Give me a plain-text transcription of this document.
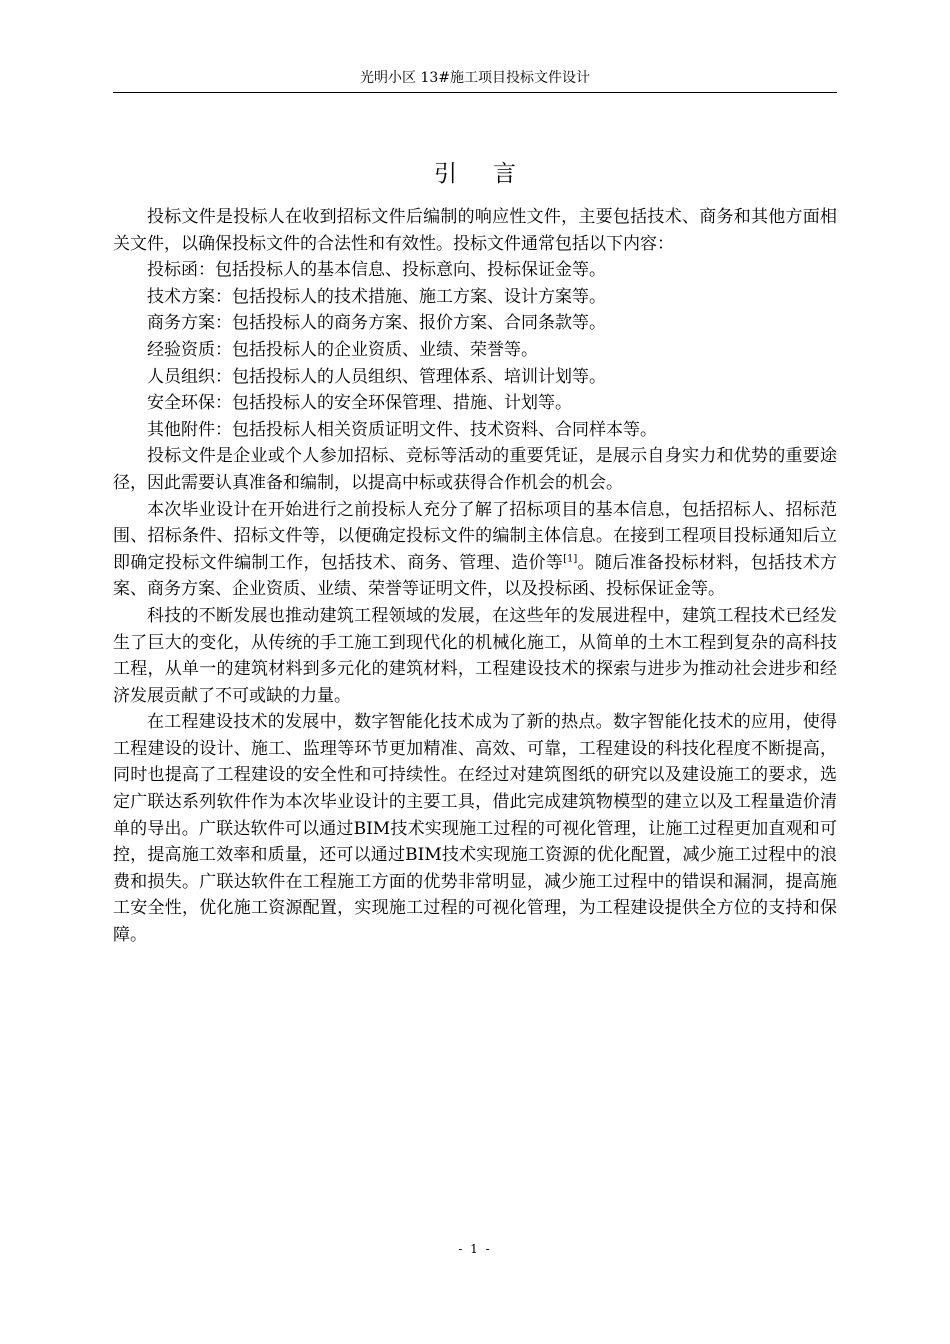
光明小区 13#施工项目投标文件设计
引言

投标文件是投标人在收到招标文件后编制的响应性文件，主要包括技术、商务和其他方面相关文件，以确保投标文件的合法性和有效性。投标文件通常包括以下内容：

投标函：包括投标人的基本信息、投标意向、投标保证金等。

技术方案：包括投标人的技术措施、施工方案、设计方案等。

商务方案：包括投标人的商务方案、报价方案、合同条款等。

经验资质：包括投标人的企业资质、业绩、荣誉等。

人员组织：包括投标人的人员组织、管理体系、培训计划等。

安全环保：包括投标人的安全环保管理、措施、计划等。

其他附件：包括投标人相关资质证明文件、技术资料、合同样本等。

投标文件是企业或个人参加招标、竞标等活动的重要凭证，是展示自身实力和优势的重要途径，因此需要认真准备和编制，以提高中标或获得合作机会的机会。

本次毕业设计在开始进行之前投标人充分了解了招标项目的基本信息，包括招标人、招标范围、招标条件、招标文件等，以便确定投标文件的编制主体信息。在接到工程项目投标通知后立即确定投标文件编制工作，包括技术、商务、管理、造价等[1]。随后准备投标材料，包括技术方案、商务方案、企业资质、业绩、荣誉等证明文件，以及投标函、投标保证金等。

科技的不断发展也推动建筑工程领域的发展，在这些年的发展进程中，建筑工程技术已经发生了巨大的变化，从传统的手工施工到现代化的机械化施工，从简单的土木工程到复杂的高科技工程，从单一的建筑材料到多元化的建筑材料，工程建设技术的探索与进步为推动社会进步和经济发展贡献了不可或缺的力量。

在工程建设技术的发展中，数字智能化技术成为了新的热点。数字智能化技术的应用，使得工程建设的设计、施工、监理等环节更加精准、高效、可靠，工程建设的科技化程度不断提高，同时也提高了工程建设的安全性和可持续性。在经过对建筑图纸的研究以及建设施工的要求，选定广联达系列软件作为本次毕业设计的主要工具，借此完成建筑物模型的建立以及工程量造价清单的导出。广联达软件可以通过BIM技术实现施工过程的可视化管理，让施工过程更加直观和可控，提高施工效率和质量，还可以通过BIM技术实现施工资源的优化配置，减少施工过程中的浪费和损失。广联达软件在工程施工方面的优势非常明显，减少施工过程中的错误和漏洞，提高施工安全性，优化施工资源配置，实现施工过程的可视化管理，为工程建设提供全方位的支持和保障。

- 1 -
